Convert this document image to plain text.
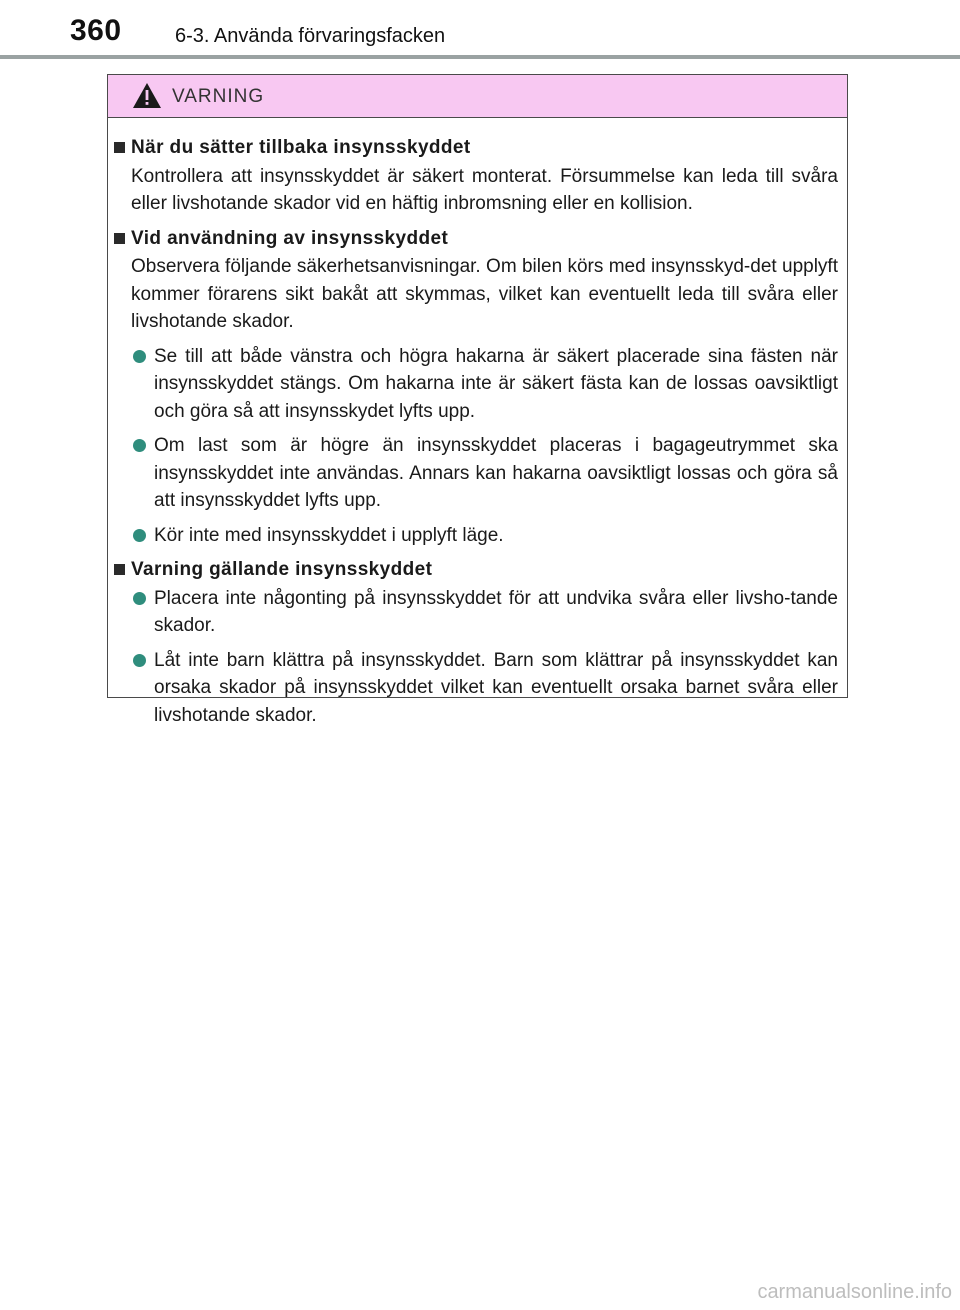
360	6-3. Använda förvaringsfacken
VARNING
När du sätter tillbaka insynsskyddet
Kontrollera att insynsskyddet är säkert monterat. Försummelse kan leda till svåra eller livshotande skador vid en häftig inbromsning eller en kollision.
Vid användning av insynsskyddet
Observera följande säkerhetsanvisningar. Om bilen körs med insynsskyd-det upplyft kommer förarens sikt bakåt att skymmas, vilket kan eventuellt leda till svåra eller livshotande skador.
Se till att både vänstra och högra hakarna är säkert placerade sina fästen när insynsskyddet stängs. Om hakarna inte är säkert fästa kan de lossas oavsiktligt och göra så att insynsskydet lyfts upp.
Om last som är högre än insynsskyddet placeras i bagageutrymmet ska insynsskyddet inte användas. Annars kan hakarna oavsiktligt lossas och göra så att insynsskyddet lyfts upp.
Kör inte med insynsskyddet i upplyft läge.
Varning gällande insynsskyddet
Placera inte någonting på insynsskyddet för att undvika svåra eller livsho-tande skador.
Låt inte barn klättra på insynsskyddet. Barn som klättrar på insynsskyddet kan orsaka skador på insynsskyddet vilket kan eventuellt orsaka barnet svåra eller livshotande skador.
carmanualsonline.info
